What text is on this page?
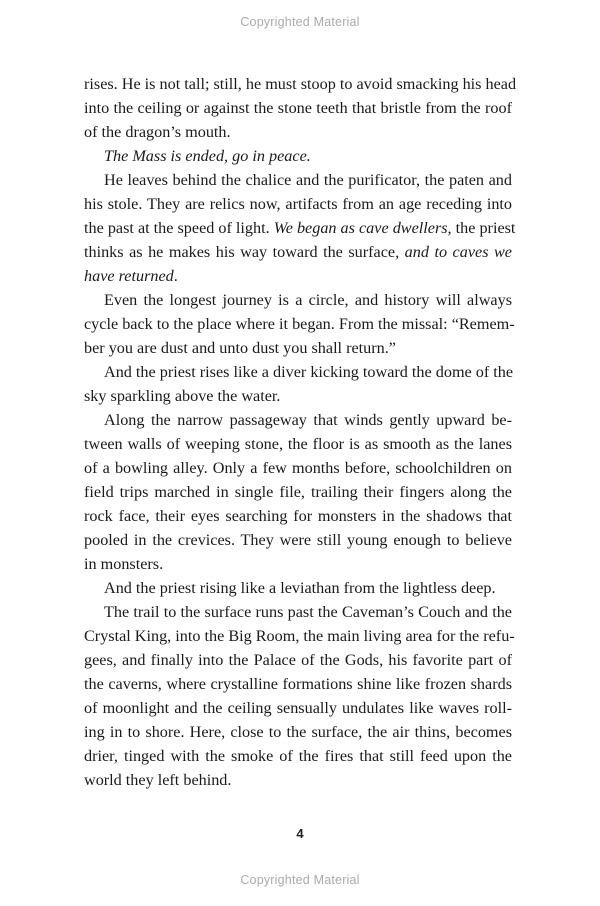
Copyrighted Material
rises. He is not tall; still, he must stoop to avoid smacking his head
into the ceiling or against the stone teeth that bristle from the roof
of the dragon’s mouth.
The Mass is ended, go in peace.
He leaves behind the chalice and the purificator, the paten and
his stole. They are relics now, artifacts from an age receding into
the past at the speed of light. We began as cave dwellers, the priest
thinks as he makes his way toward the surface, and to caves we
have returned.
Even the longest journey is a circle, and history will always
cycle back to the place where it began. From the missal: “Remem-
ber you are dust and unto dust you shall return.”
And the priest rises like a diver kicking toward the dome of the
sky sparkling above the water.
Along the narrow passageway that winds gently upward be-
tween walls of weeping stone, the floor is as smooth as the lanes
of a bowling alley. Only a few months before, schoolchildren on
field trips marched in single file, trailing their fingers along the
rock face, their eyes searching for monsters in the shadows that
pooled in the crevices. They were still young enough to believe
in monsters.
And the priest rising like a leviathan from the lightless deep.
The trail to the surface runs past the Caveman’s Couch and the
Crystal King, into the Big Room, the main living area for the refu-
gees, and finally into the Palace of the Gods, his favorite part of
the caverns, where crystalline formations shine like frozen shards
of moonlight and the ceiling sensually undulates like waves roll-
ing in to shore. Here, close to the surface, the air thins, becomes
drier, tinged with the smoke of the fires that still feed upon the
world they left behind.
4
Copyrighted Material
